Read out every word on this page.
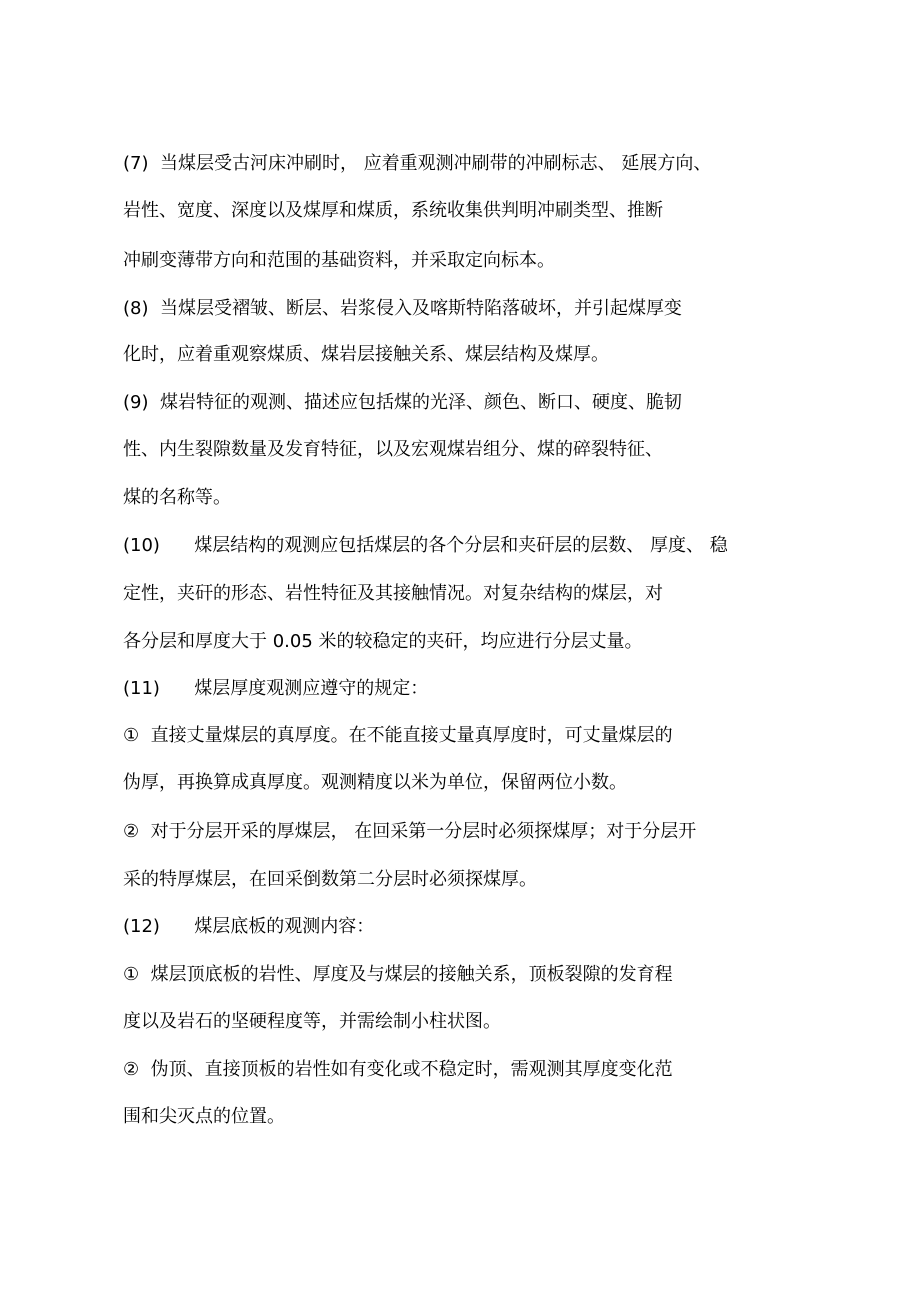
(7)  当煤层受古河床冲刷时， 应着重观测冲刷带的冲刷标志、 延展方向、
岩性、宽度、深度以及煤厚和煤质，系统收集供判明冲刷类型、推断
冲刷变薄带方向和范围的基础资料，并采取定向标本。
(8)  当煤层受褶皱、断层、岩浆侵入及喀斯特陷落破坏，并引起煤厚变
化时，应着重观察煤质、煤岩层接触关系、煤层结构及煤厚。
(9)  煤岩特征的观测、描述应包括煤的光泽、颜色、断口、硬度、脆韧
性、内生裂隙数量及发育特征，以及宏观煤岩组分、煤的碎裂特征、
煤的名称等。
(10)      煤层结构的观测应包括煤层的各个分层和夹矸层的层数、 厚度、 稳
定性，夹矸的形态、岩性特征及其接触情况。对复杂结构的煤层，对
各分层和厚度大于 0.05 米的较稳定的夹矸，均应进行分层丈量。
(11)      煤层厚度观测应遵守的规定：
①  直接丈量煤层的真厚度。在不能直接丈量真厚度时，可丈量煤层的
伪厚，再换算成真厚度。观测精度以米为单位，保留两位小数。
②  对于分层开采的厚煤层， 在回采第一分层时必须探煤厚；对于分层开
采的特厚煤层，在回采倒数第二分层时必须探煤厚。
(12)      煤层底板的观测内容：
①  煤层顶底板的岩性、厚度及与煤层的接触关系，顶板裂隙的发育程
度以及岩石的坚硬程度等，并需绘制小柱状图。
②  伪顶、直接顶板的岩性如有变化或不稳定时，需观测其厚度变化范
围和尖灭点的位置。
